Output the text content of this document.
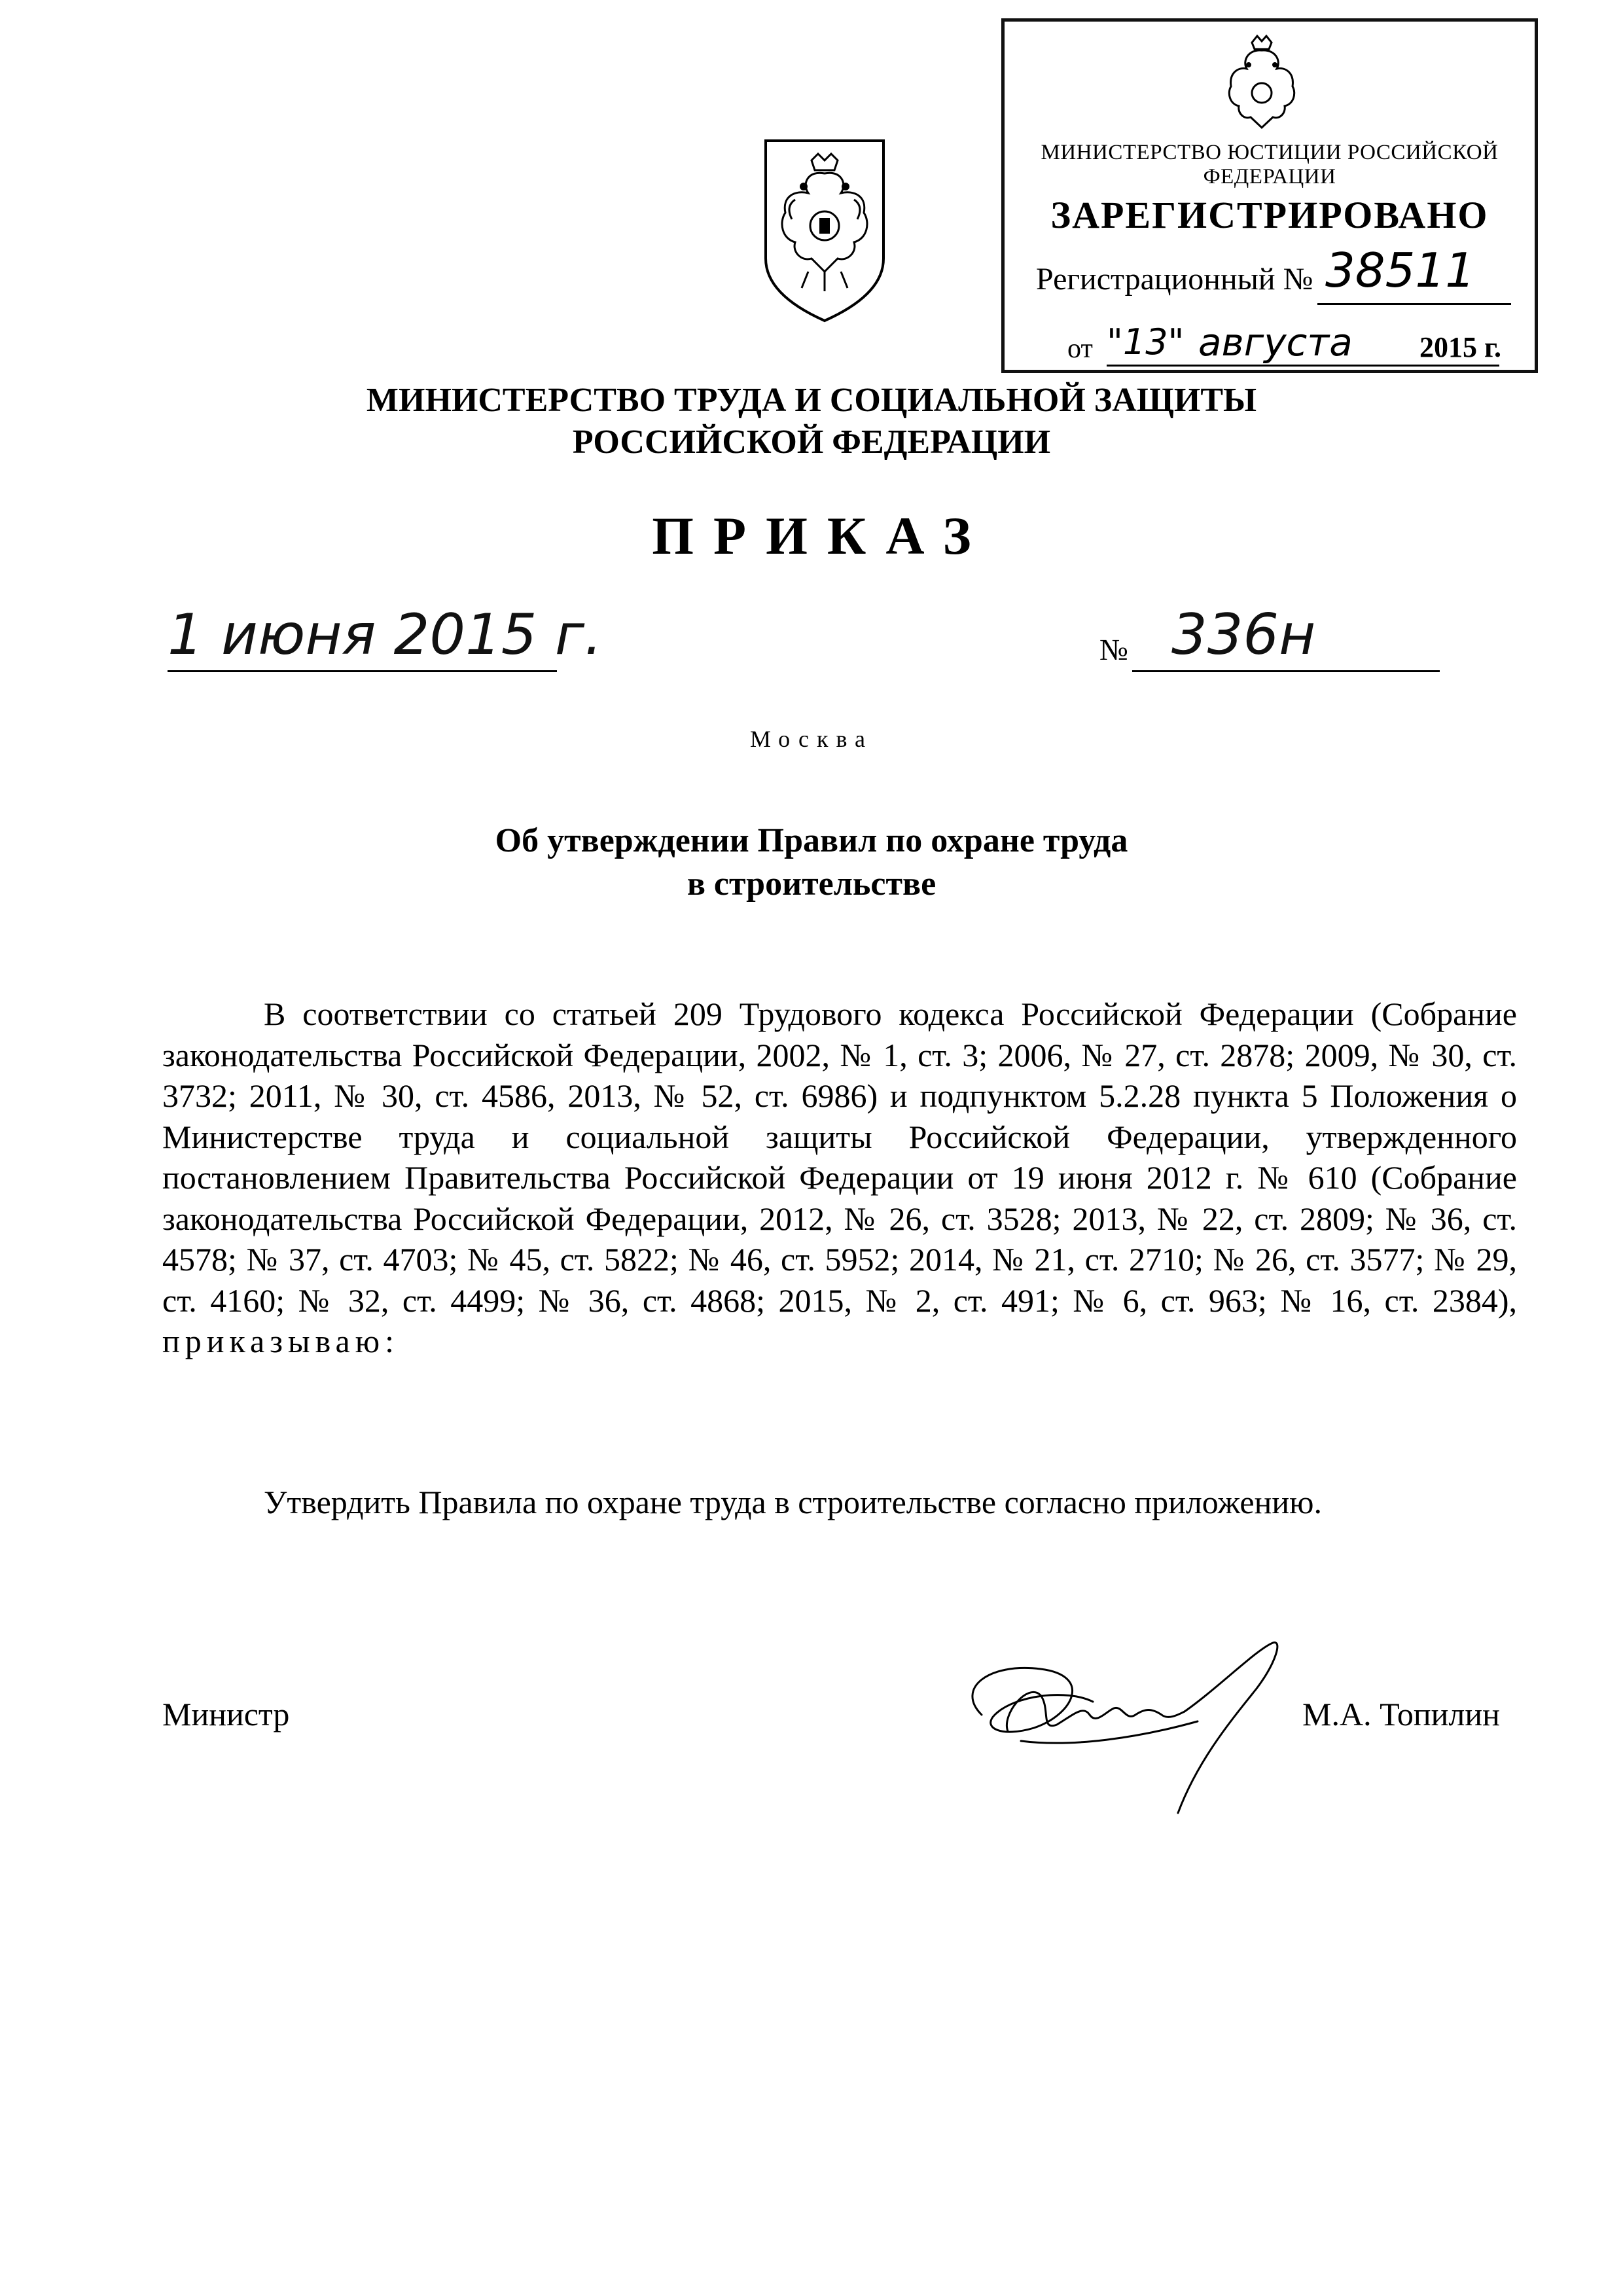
МИНИСТЕРСТВО ЮСТИЦИИ РОССИЙСКОЙ ФЕДЕРАЦИИ
ЗАРЕГИСТРИРОВАНО
Регистрационный № 38511
от "13" августа 2015 г.
МИНИСТЕРСТВО ТРУДА И СОЦИАЛЬНОЙ ЗАЩИТЫ
РОССИЙСКОЙ ФЕДЕРАЦИИ
ПРИКАЗ
1 июня 2015 г.	№ 336н
Москва
Об утверждении Правил по охране труда
в строительстве
В соответствии со статьей 209 Трудового кодекса Российской Федерации (Собрание законодательства Российской Федерации, 2002, № 1, ст. 3; 2006, № 27, ст. 2878; 2009, № 30, ст. 3732; 2011, № 30, ст. 4586, 2013, № 52, ст. 6986) и подпунктом 5.2.28 пункта 5 Положения о Министерстве труда и социальной защиты Российской Федерации, утвержденного постановлением Правительства Российской Федерации от 19 июня 2012 г. № 610 (Собрание законодательства Российской Федерации, 2012, № 26, ст. 3528; 2013, № 22, ст. 2809; № 36, ст. 4578; № 37, ст. 4703; № 45, ст. 5822; № 46, ст. 5952; 2014, № 21, ст. 2710; № 26, ст. 3577; № 29, ст. 4160; № 32, ст. 4499; № 36, ст. 4868; 2015, № 2, ст. 491; № 6, ст. 963; № 16, ст. 2384), приказываю:
Утвердить Правила по охране труда в строительстве согласно приложению.
Министр	М.А. Топилин
